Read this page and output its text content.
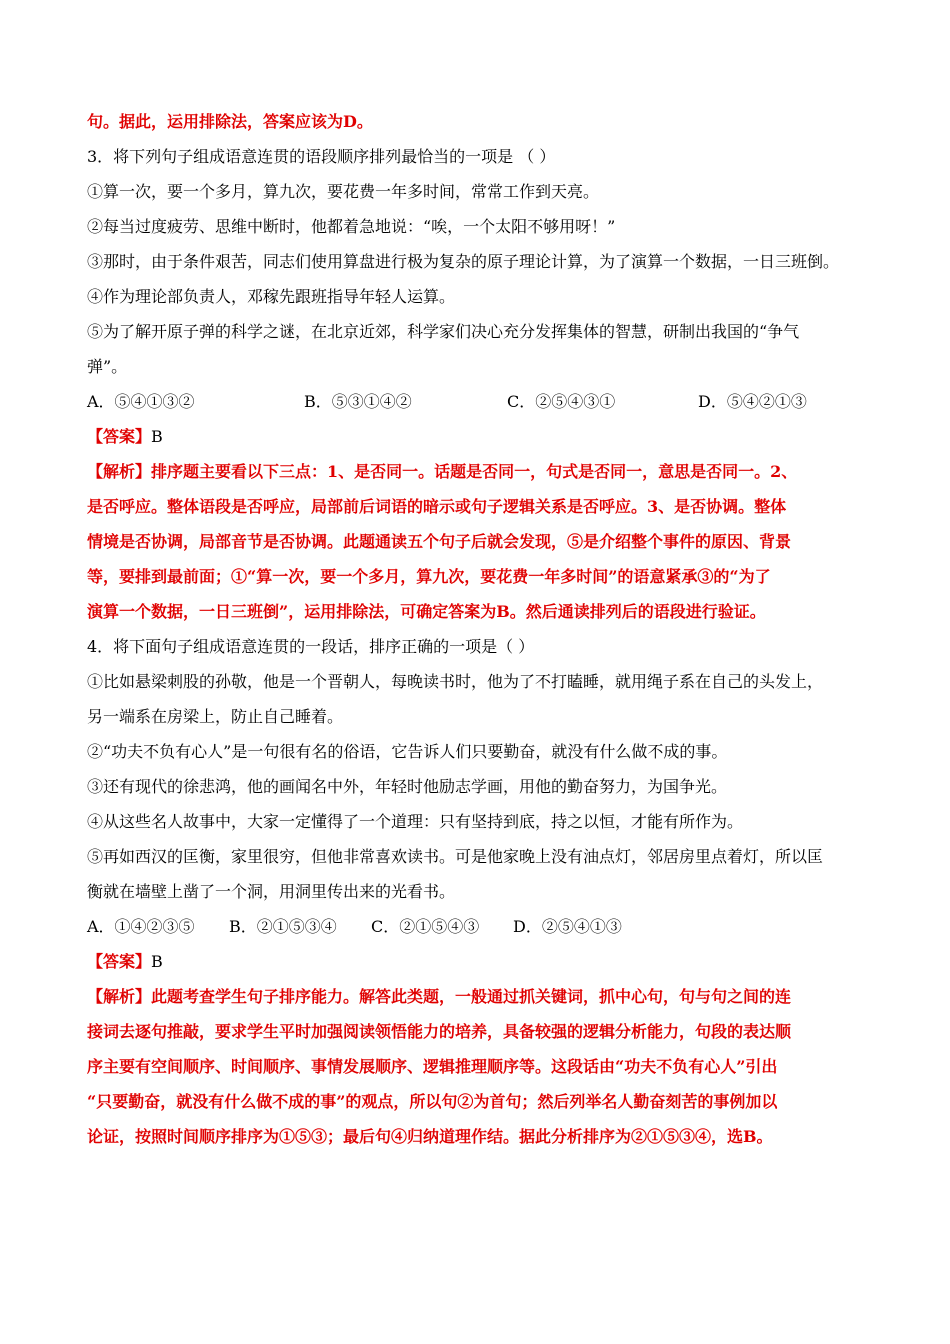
句。据此，运用排除法，答案应该为D。
3．将下列句子组成语意连贯的语段顺序排列最恰当的一项是 （ ）
①算一次，要一个多月，算九次，要花费一年多时间，常常工作到天亮。
②每当过度疲劳、思维中断时，他都着急地说：“唉，一个太阳不够用呀！”
③那时，由于条件艰苦，同志们使用算盘进行极为复杂的原子理论计算，为了演算一个数据，一日三班倒。
④作为理论部负责人，邓稼先跟班指导年轻人运算。
⑤为了解开原子弹的科学之谜，在北京近郊，科学家们决心充分发挥集体的智慧，研制出我国的“争气
弹”。
A．⑤④①③②	B．⑤③①④②	C．②⑤④③①	D．⑤④②①③
【答案】B
【解析】排序题主要看以下三点：1、是否同一。话题是否同一，句式是否同一，意思是否同一。2、
是否呼应。整体语段是否呼应，局部前后词语的暗示或句子逻辑关系是否呼应。3、是否协调。整体
情境是否协调，局部音节是否协调。此题通读五个句子后就会发现，⑤是介绍整个事件的原因、背景
等，要排到最前面；①“算一次，要一个多月，算九次，要花费一年多时间”的语意紧承③的“为了
演算一个数据，一日三班倒”，运用排除法，可确定答案为B。然后通读排列后的语段进行验证。
4．将下面句子组成语意连贯的一段话，排序正确的一项是（ ）
①比如悬梁刺股的孙敬，他是一个晋朝人，每晚读书时，他为了不打瞌睡，就用绳子系在自己的头发上，
另一端系在房梁上，防止自己睡着。
②“功夫不负有心人”是一句很有名的俗语，它告诉人们只要勤奋，就没有什么做不成的事。
③还有现代的徐悲鸿，他的画闻名中外，年轻时他励志学画，用他的勤奋努力，为国争光。
④从这些名人故事中，大家一定懂得了一个道理：只有坚持到底，持之以恒，才能有所作为。
⑤再如西汉的匡衡，家里很穷，但他非常喜欢读书。可是他家晚上没有油点灯，邻居房里点着灯，所以匡
衡就在墙壁上凿了一个洞，用洞里传出来的光看书。
A．①④②③⑤	B．②①⑤③④	C．②①⑤④③	D．②⑤④①③
【答案】B
【解析】此题考查学生句子排序能力。解答此类题，一般通过抓关键词，抓中心句，句与句之间的连
接词去逐句推敲，要求学生平时加强阅读领悟能力的培养，具备较强的逻辑分析能力，句段的表达顺
序主要有空间顺序、时间顺序、事情发展顺序、逻辑推理顺序等。这段话由“功夫不负有心人”引出
“只要勤奋，就没有什么做不成的事”的观点，所以句②为首句；然后列举名人勤奋刻苦的事例加以
论证，按照时间顺序排序为①⑤③；最后句④归纳道理作结。据此分析排序为②①⑤③④，选B。
